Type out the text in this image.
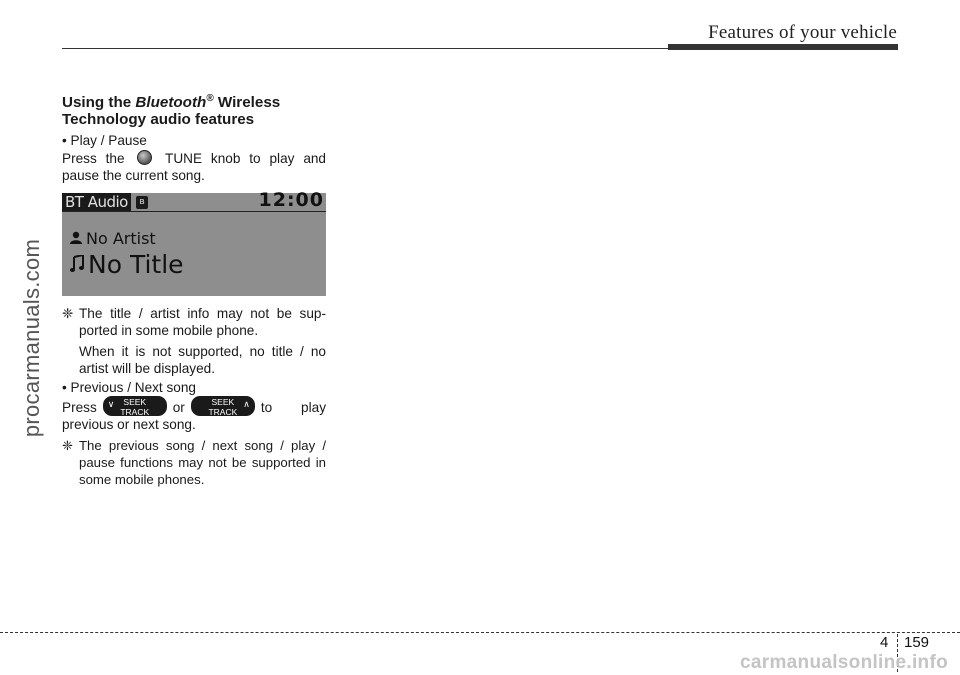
Features of your vehicle
procarmanuals.com
Using the Bluetooth® Wireless Technology audio features

• Play / Pause

Press the  TUNE knob to play and pause the current song.

BT Audio	ʙ	12:00
No Artist
No Title
❈ The title / artist info may not be sup-ported in some mobile phone.

When it is not supported, no title / no artist will be displayed.

• Previous / Next song

Press ∨	SEEK
TRACK	or	∧
SEEK
TRACK	to play previous or next song.

❈ The previous song / next song / play / pause functions may not be supported in some mobile phones.

4 159
carmanualsonline.info
